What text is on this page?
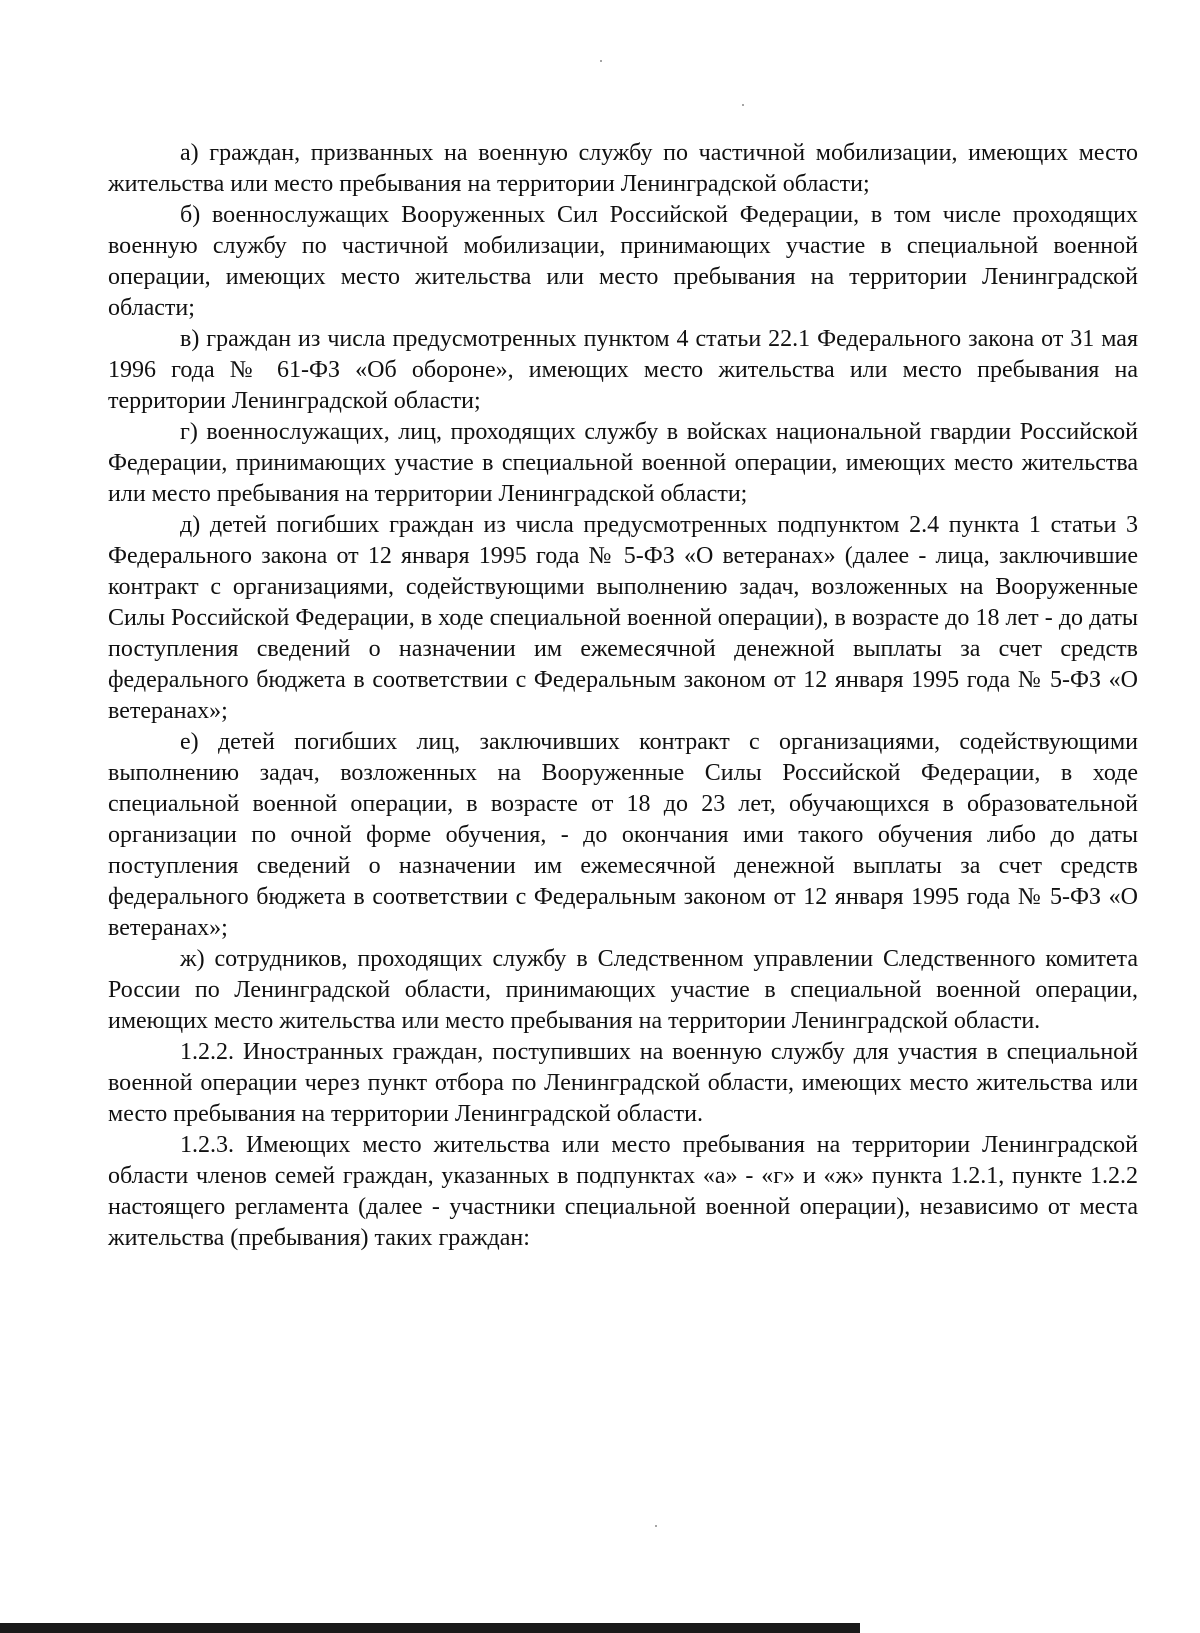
а) граждан, призванных на военную службу по частичной мобилизации, имеющих место жительства или место пребывания на территории Ленинградской области;

б) военнослужащих Вооруженных Сил Российской Федерации, в том числе проходящих военную службу по частичной мобилизации, принимающих участие в специальной военной операции, имеющих место жительства или место пребывания на территории Ленинградской области;

в) граждан из числа предусмотренных пунктом 4 статьи 22.1 Федерального закона от 31 мая 1996 года № 61-ФЗ «Об обороне», имеющих место жительства или место пребывания на территории Ленинградской области;

г) военнослужащих, лиц, проходящих службу в войсках национальной гвардии Российской Федерации, принимающих участие в специальной военной операции, имеющих место жительства или место пребывания на территории Ленинградской области;

д) детей погибших граждан из числа предусмотренных подпунктом 2.4 пункта 1 статьи 3 Федерального закона от 12 января 1995 года № 5-ФЗ «О ветеранах» (далее - лица, заключившие контракт с организациями, содействующими выполнению задач, возложенных на Вооруженные Силы Российской Федерации, в ходе специальной военной операции), в возрасте до 18 лет - до даты поступления сведений о назначении им ежемесячной денежной выплаты за счет средств федерального бюджета в соответствии с Федеральным законом от 12 января 1995 года № 5-ФЗ «О ветеранах»;

е) детей погибших лиц, заключивших контракт с организациями, содействующими выполнению задач, возложенных на Вооруженные Силы Российской Федерации, в ходе специальной военной операции, в возрасте от 18 до 23 лет, обучающихся в образовательной организации по очной форме обучения, - до окончания ими такого обучения либо до даты поступления сведений о назначении им ежемесячной денежной выплаты за счет средств федерального бюджета в соответствии с Федеральным законом от 12 января 1995 года № 5-ФЗ «О ветеранах»;

ж) сотрудников, проходящих службу в Следственном управлении Следственного комитета России по Ленинградской области, принимающих участие в специальной военной операции, имеющих место жительства или место пребывания на территории Ленинградской области.

1.2.2. Иностранных граждан, поступивших на военную службу для участия в специальной военной операции через пункт отбора по Ленинградской области, имеющих место жительства или место пребывания на территории Ленинградской области.

1.2.3. Имеющих место жительства или место пребывания на территории Ленинградской области членов семей граждан, указанных в подпунктах «а» - «г» и «ж» пункта 1.2.1, пункте 1.2.2 настоящего регламента (далее - участники специальной военной операции), независимо от места жительства (пребывания) таких граждан:
